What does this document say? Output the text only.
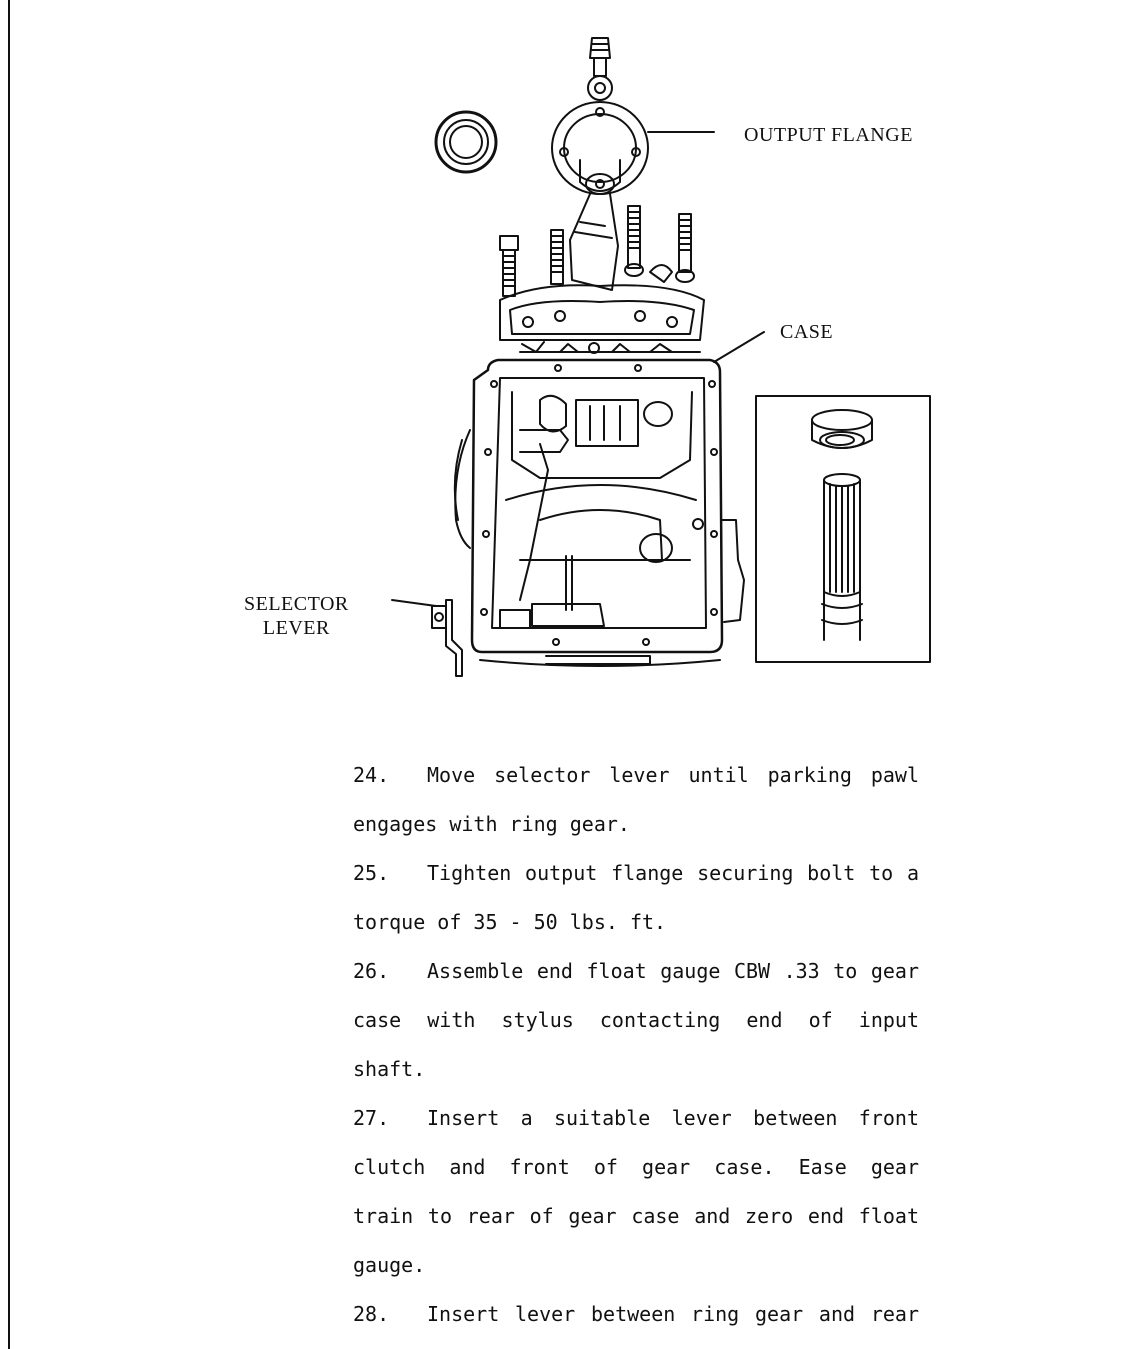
OUTPUT FLANGE
CASE
SELECTOR
LEVER
24. Move selector lever until parking pawl
engages with ring gear.
25. Tighten output flange securing bolt to a
torque of 35 - 50 lbs. ft.
26. Assemble end float gauge CBW .33 to gear
case with stylus contacting end of input
shaft.
27. Insert a suitable lever between front
clutch and front of gear case. Ease gear
train to rear of gear case and zero end float
gauge.
28. Insert lever between ring gear and rear
